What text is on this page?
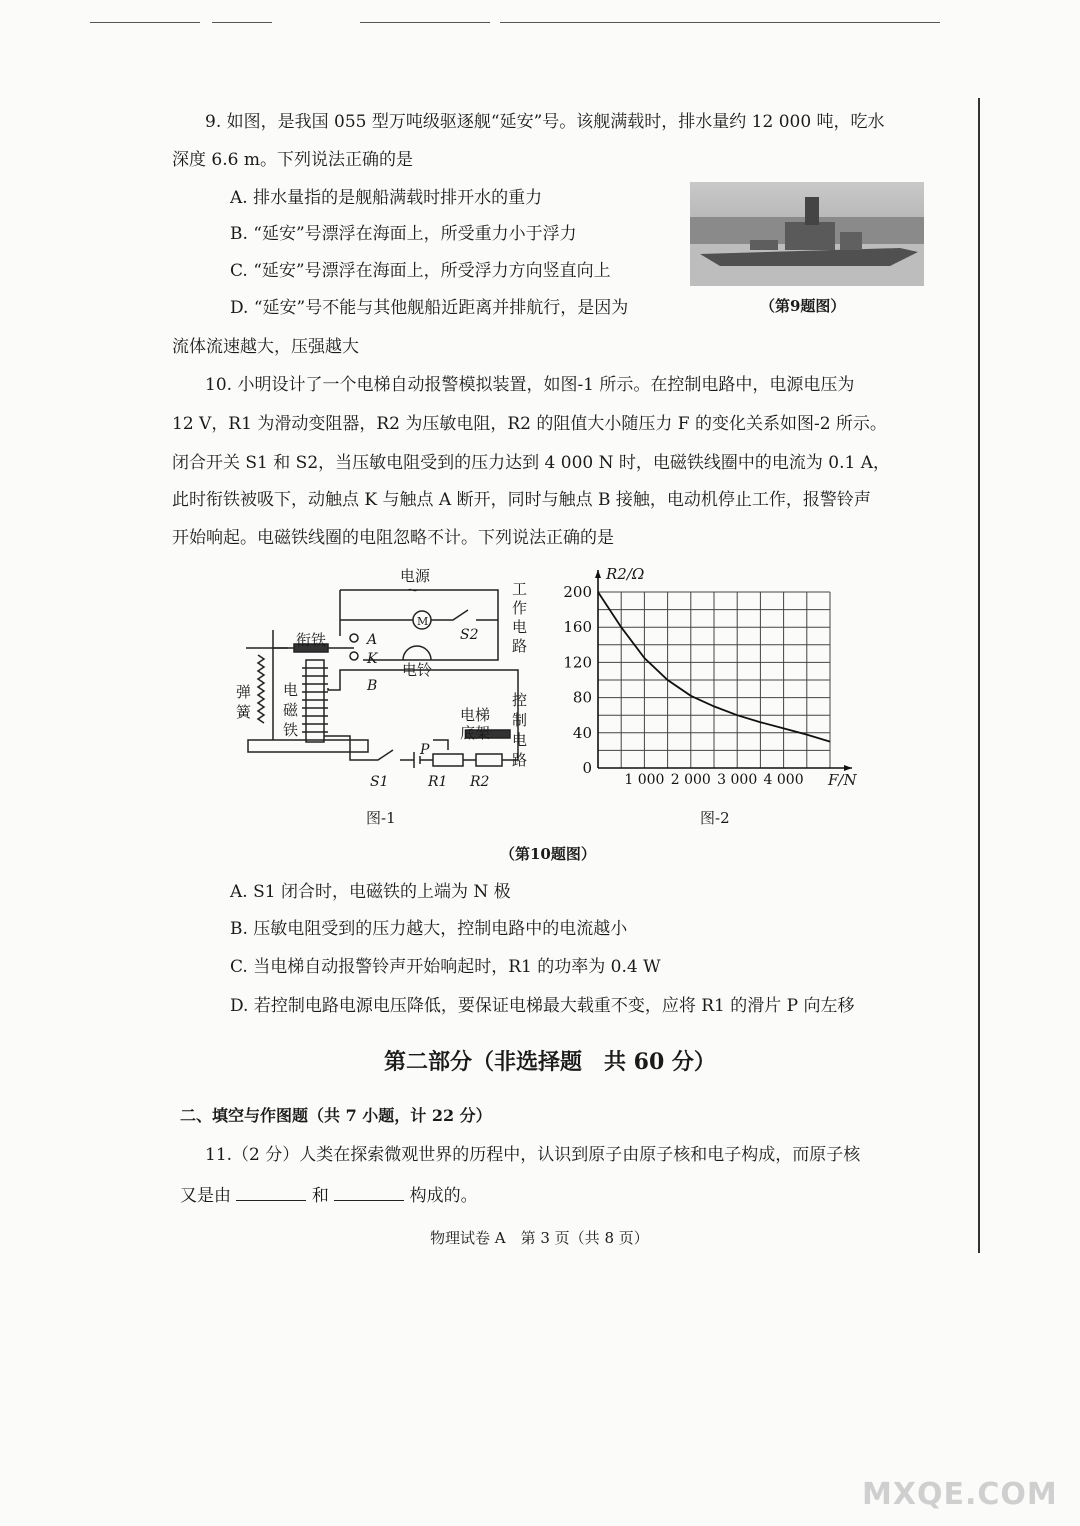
9. 如图，是我国 055 型万吨级驱逐舰“延安”号。该舰满载时，排水量约 12 000 吨，吃水
深度 6.6 m。下列说法正确的是
A. 排水量指的是舰船满载时排开水的重力
B. “延安”号漂浮在海面上，所受重力小于浮力
C. “延安”号漂浮在海面上，所受浮力方向竖直向上
D. “延安”号不能与其他舰船近距离并排航行，是因为
流体流速越大，压强越大
（第9题图）
10. 小明设计了一个电梯自动报警模拟装置，如图-1 所示。在控制电路中，电源电压为
12 V，R1 为滑动变阻器，R2 为压敏电阻，R2 的阻值大小随压力 F 的变化关系如图-2 所示。
闭合开关 S1 和 S2，当压敏电阻受到的压力达到 4 000 N 时，电磁铁线圈中的电流为 0.1 A，
此时衔铁被吸下，动触点 K 与触点 A 断开，同时与触点 B 接触，电动机停止工作，报警铃声
开始响起。电磁铁线圈的电阻忽略不计。下列说法正确的是
电源
～	工作电路
M
S2
衔铁	A
K
电铃
B
弹簧
电磁铁
控制电路
电梯底架
P
S1	R1 R2
图-1
0
40
80
120
160
200
1 000 2 000 3 000 4 000
R2/Ω
F/N
图-2
（第10题图）
A. S1 闭合时，电磁铁的上端为 N 极
B. 压敏电阻受到的压力越大，控制电路中的电流越小
C. 当电梯自动报警铃声开始响起时，R1 的功率为 0.4 W
D. 若控制电路电源电压降低，要保证电梯最大载重不变，应将 R1 的滑片 P 向左移
第二部分（非选择题　共 60 分）
二、填空与作图题（共 7 小题，计 22 分）
11.（2 分）人类在探索微观世界的历程中，认识到原子由原子核和电子构成，而原子核
又是由	和	构成的。
物理试卷 A　第 3 页（共 8 页）
MXQE.COM
